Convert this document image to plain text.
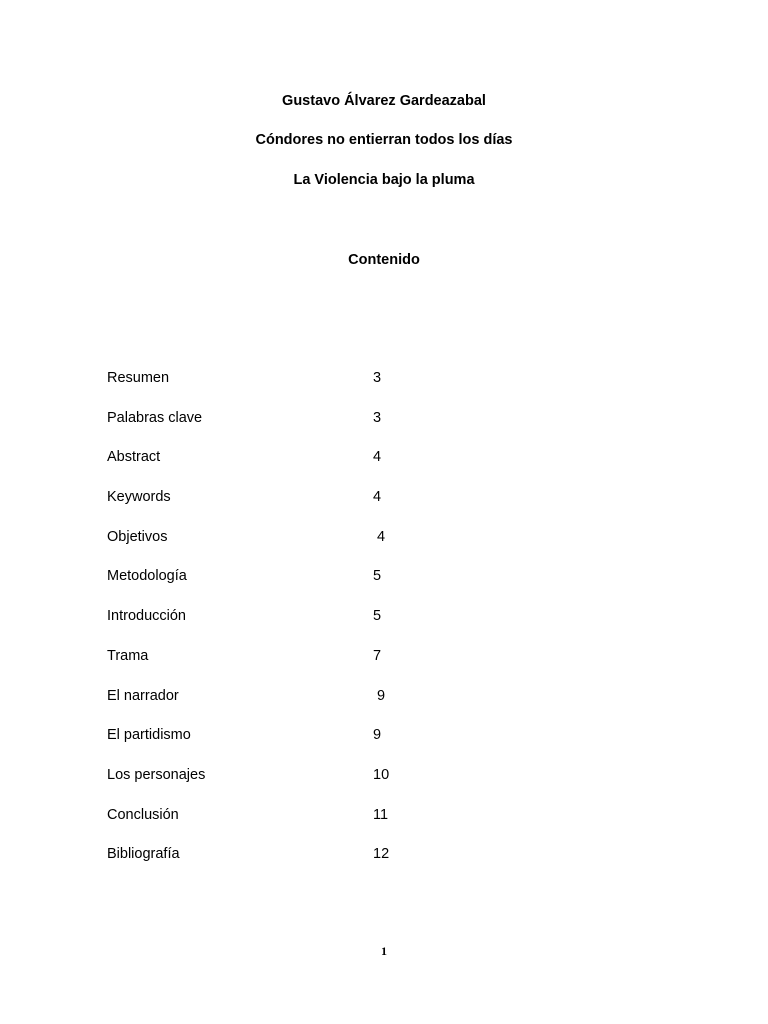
Gustavo Álvarez Gardeazabal
Cóndores no entierran todos los días
La Violencia bajo la pluma
Contenido
Resumen	3
Palabras clave	3
Abstract	4
Keywords	4
Objetivos	4
Metodología	5
Introducción	5
Trama	7
El narrador	9
El partidismo	9
Los personajes	10
Conclusión	11
Bibliografía	12
1
